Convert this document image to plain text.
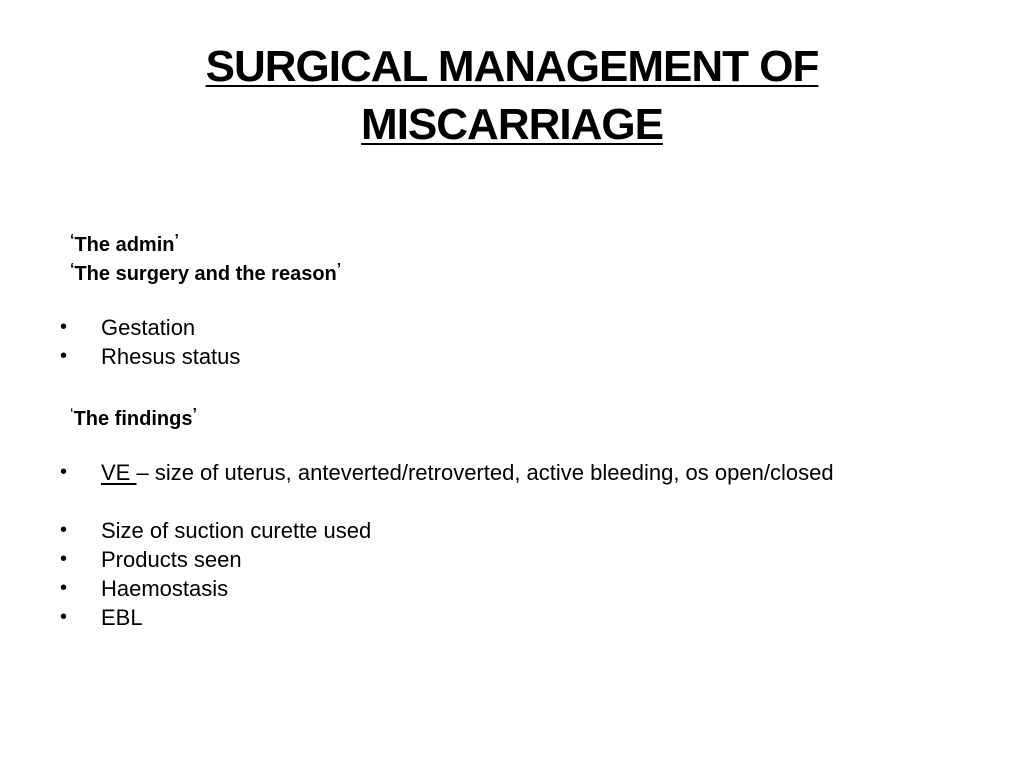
SURGICAL MANAGEMENT OF MISCARRIAGE
‘The admin’
‘The surgery and the reason’
•	Gestation
•	Rhesus status
‘The findings’
•	VE – size of uterus, anteverted/retroverted, active bleeding, os open/closed
•	Size of suction curette used
•	Products seen
•	Haemostasis
•	EBL
